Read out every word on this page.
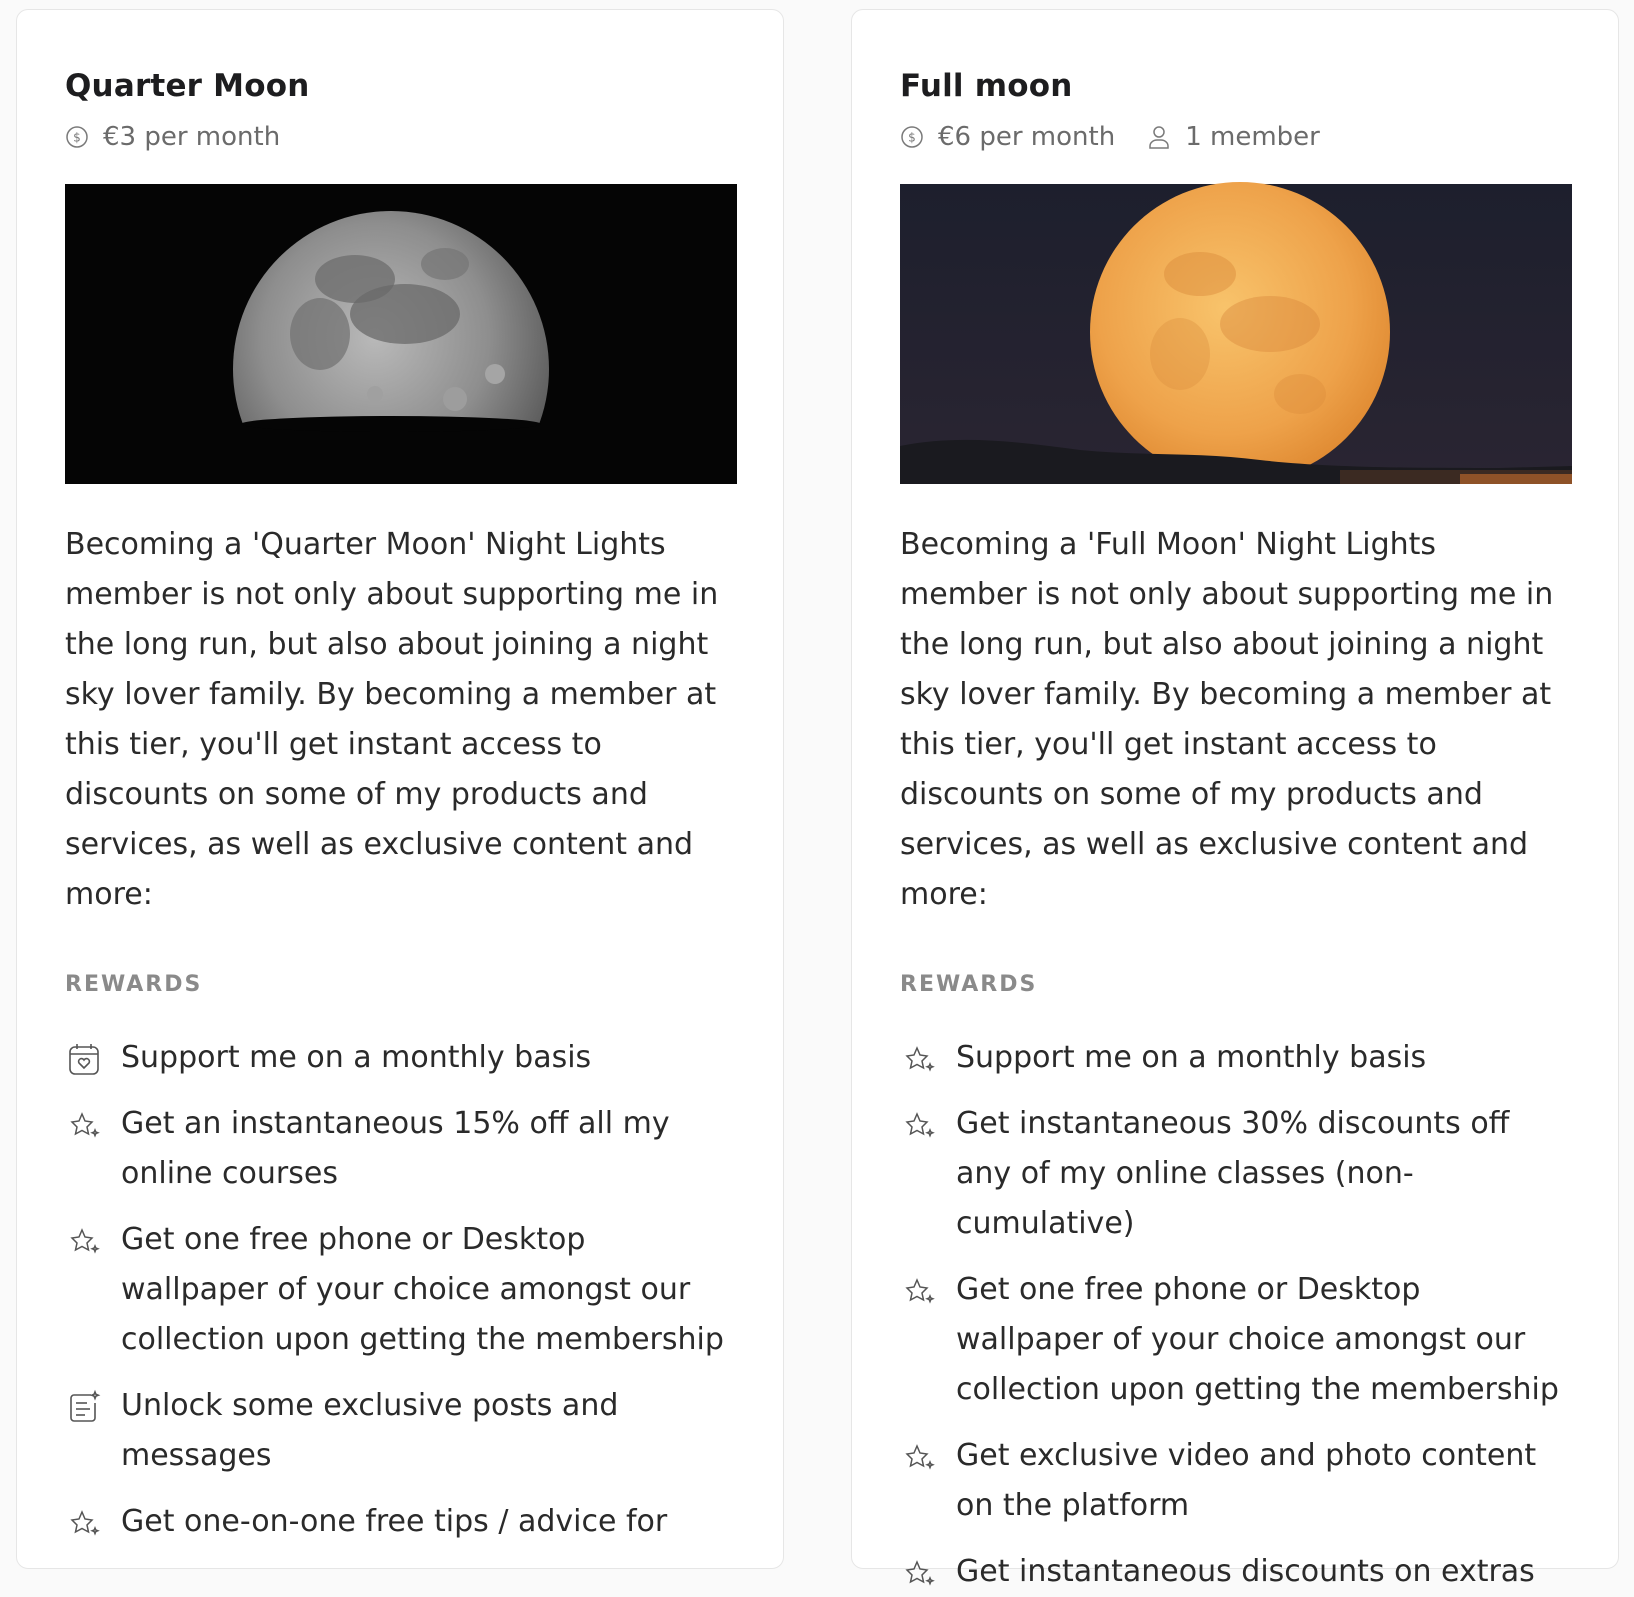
Quarter Moon
$ €3 per month

Becoming a 'Quarter Moon' Night Lights member is not only about supporting me in the long run, but also about joining a night sky lover family. By becoming a member at this tier, you'll get instant access to discounts on some of my products and services, as well as exclusive content and more:

REWARDS
Support me on a monthly basis
Get an instantaneous 15% off all my online courses
Get one free phone or Desktop wallpaper of your choice amongst our collection upon getting the membership
Unlock some exclusive posts and messages
Get one-on-one free tips / advice for
Full moon
$ €6 per month	1 member

Becoming a 'Full Moon' Night Lights member is not only about supporting me in the long run, but also about joining a night sky lover family. By becoming a member at this tier, you'll get instant access to discounts on some of my products and services, as well as exclusive content and more:

REWARDS
Support me on a monthly basis
Get instantaneous 30% discounts off any of my online classes (non-cumulative)
Get one free phone or Desktop wallpaper of your choice amongst our collection upon getting the membership
Get exclusive video and photo content on the platform
Get instantaneous discounts on extras
